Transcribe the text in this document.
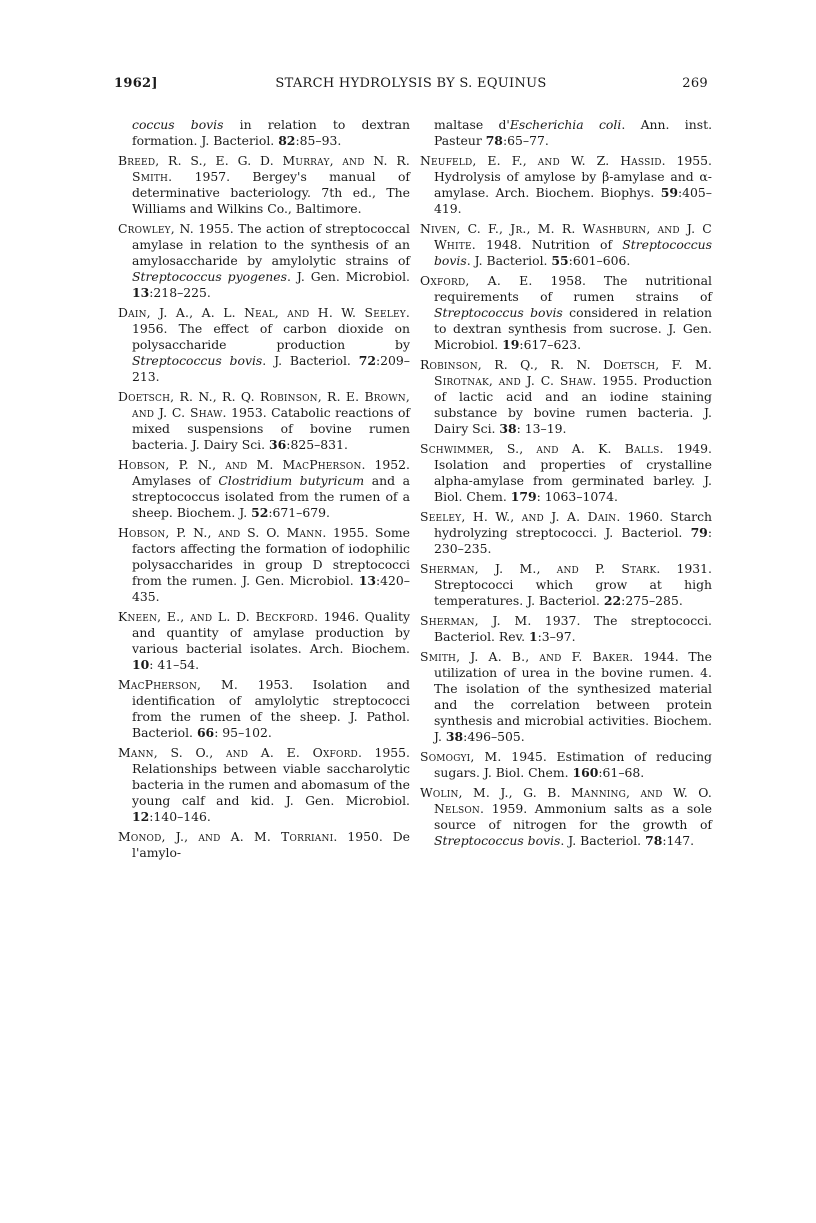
1962]	STARCH HYDROLYSIS BY S. EQUINUS	269

coccus bovis in relation to dextran formation. J. Bacteriol. 82:85–93.

Breed, R. S., E. G. D. Murray, and N. R. Smith. 1957. Bergey's manual of determinative bacteriology. 7th ed., The Williams and Wilkins Co., Baltimore.

Crowley, N. 1955. The action of streptococcal amylase in relation to the synthesis of an amylosaccharide by amylolytic strains of Streptococcus pyogenes. J. Gen. Microbiol. 13:218–225.

Dain, J. A., A. L. Neal, and H. W. Seeley. 1956. The effect of carbon dioxide on polysaccharide production by Streptococcus bovis. J. Bacteriol. 72:209–213.

Doetsch, R. N., R. Q. Robinson, R. E. Brown, and J. C. Shaw. 1953. Catabolic reactions of mixed suspensions of bovine rumen bacteria. J. Dairy Sci. 36:825–831.

Hobson, P. N., and M. MacPherson. 1952. Amylases of Clostridium butyricum and a streptococcus isolated from the rumen of a sheep. Biochem. J. 52:671–679.

Hobson, P. N., and S. O. Mann. 1955. Some factors affecting the formation of iodophilic polysaccharides in group D streptococci from the rumen. J. Gen. Microbiol. 13:420–435.

Kneen, E., and L. D. Beckford. 1946. Quality and quantity of amylase production by various bacterial isolates. Arch. Biochem. 10: 41–54.

MacPherson, M. 1953. Isolation and identification of amylolytic streptococci from the rumen of the sheep. J. Pathol. Bacteriol. 66: 95–102.

Mann, S. O., and A. E. Oxford. 1955. Relationships between viable saccharolytic bacteria in the rumen and abomasum of the young calf and kid. J. Gen. Microbiol. 12:140–146.

Monod, J., and A. M. Torriani. 1950. De l'amylo-

maltase d'Escherichia coli. Ann. inst. Pasteur 78:65–77.

Neufeld, E. F., and W. Z. Hassid. 1955. Hydrolysis of amylose by β-amylase and α-amylase. Arch. Biochem. Biophys. 59:405–419.

Niven, C. F., Jr., M. R. Washburn, and J. C White. 1948. Nutrition of Streptococcus bovis. J. Bacteriol. 55:601–606.

Oxford, A. E. 1958. The nutritional requirements of rumen strains of Streptococcus bovis considered in relation to dextran synthesis from sucrose. J. Gen. Microbiol. 19:617–623.

Robinson, R. Q., R. N. Doetsch, F. M. Sirotnak, and J. C. Shaw. 1955. Production of lactic acid and an iodine staining substance by bovine rumen bacteria. J. Dairy Sci. 38: 13–19.

Schwimmer, S., and A. K. Balls. 1949. Isolation and properties of crystalline alpha-amylase from germinated barley. J. Biol. Chem. 179: 1063–1074.

Seeley, H. W., and J. A. Dain. 1960. Starch hydrolyzing streptococci. J. Bacteriol. 79: 230–235.

Sherman, J. M., and P. Stark. 1931. Streptococci which grow at high temperatures. J. Bacteriol. 22:275–285.

Sherman, J. M. 1937. The streptococci. Bacteriol. Rev. 1:3–97.

Smith, J. A. B., and F. Baker. 1944. The utilization of urea in the bovine rumen. 4. The isolation of the synthesized material and the correlation between protein synthesis and microbial activities. Biochem. J. 38:496–505.

Somogyi, M. 1945. Estimation of reducing sugars. J. Biol. Chem. 160:61–68.

Wolin, M. J., G. B. Manning, and W. O. Nelson. 1959. Ammonium salts as a sole source of nitrogen for the growth of Streptococcus bovis. J. Bacteriol. 78:147.
